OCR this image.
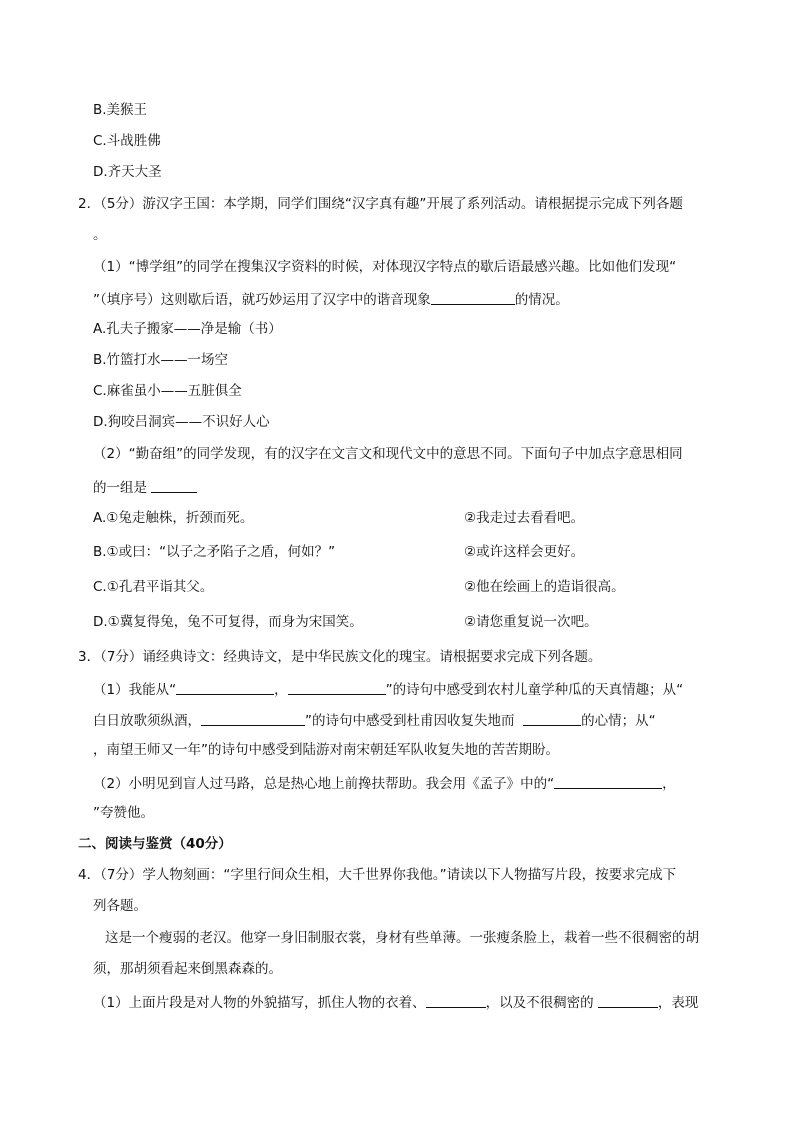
B.美猴王
C.斗战胜佛
D.齐天大圣
2．（5分）游汉字王国：本学期，同学们围绕“汉字真有趣”开展了系列活动。请根据提示完成下列各题
。
（1）“博学组”的同学在搜集汉字资料的时候，对体现汉字特点的歇后语最感兴趣。比如他们发现“
”（填序号）这则歇后语，就巧妙运用了汉字中的谐音现象	的情况。
A.孔夫子搬家——净是输（书）
B.竹篮打水——一场空
C.麻雀虽小——五脏俱全
D.狗咬吕洞宾——不识好人心
（2）“勤奋组”的同学发现，有的汉字在文言文和现代文中的意思不同。下面句子中加点字意思相同
的一组是
A.①兔走触株，折颈而死。	②我走过去看看吧。
B.①或曰：“以子之矛陷子之盾，何如？”	②或许这样会更好。
C.①孔君平诣其父。	②他在绘画上的造诣很高。
D.①冀复得兔，兔不可复得，而身为宋国笑。	②请您重复说一次吧。
3．（7分）诵经典诗文：经典诗文，是中华民族文化的瑰宝。请根据要求完成下列各题。
（1）我能从“	，	”的诗句中感受到农村儿童学种瓜的天真情趣；从“
白日放歌须纵酒，	”的诗句中感受到杜甫因收复失地而	的心情；从“
，南望王师又一年”的诗句中感受到陆游对南宋朝廷军队收复失地的苦苦期盼。
（2）小明见到盲人过马路，总是热心地上前搀扶帮助。我会用《孟子》中的“	，
”夸赞他。
二、阅读与鉴赏（40分）
4．（7分）学人物刻画：“字里行间众生相，大千世界你我他。”请读以下人物描写片段，按要求完成下
列各题。
这是一个瘦弱的老汉。他穿一身旧制服衣裳，身材有些单薄。一张瘦条脸上，栽着一些不很稠密的胡
须，那胡须看起来倒黑森森的。
（1）上面片段是对人物的外貌描写，抓住人物的衣着、	，以及不很稠密的	，表现
